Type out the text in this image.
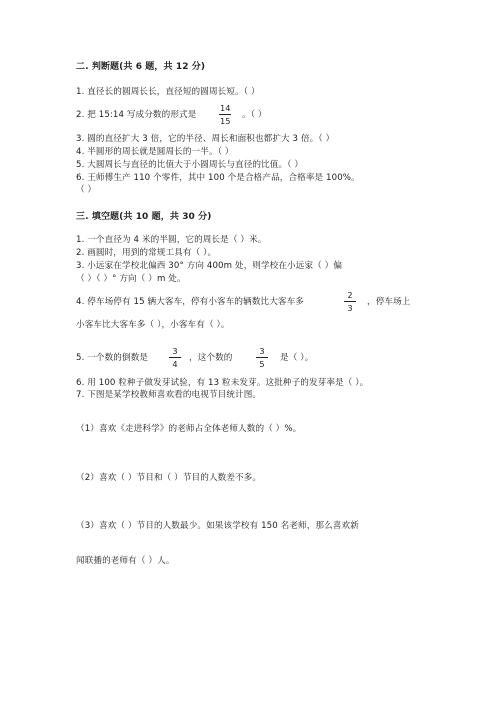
二. 判断题(共 6 题，共 12 分)
1. 直径长的圆周长长，直径短的圆周长短。（ ）
2. 把 15:14 写成分数的形式是
14
15
。（ ）
3. 圆的直径扩大 3 倍，它的半径、周长和面积也都扩大 3 倍。（ ）
4. 半圆形的周长就是圆周长的一半。（ ）
5. 大圆周长与直径的比值大于小圆周长与直径的比值。（ ）
6. 王师傅生产 110 个零件，其中 100 个是合格产品，合格率是 100%。
（ ）
三. 填空题(共 10 题，共 30 分)
1. 一个直径为 4 米的半圆，它的周长是（ ）米。
2. 画圆时，用到的常规工具有（ ）。
3. 小远家在学校北偏西 30° 方向 400m 处，则学校在小远家（ ）偏
（ ）（ ）° 方向（ ）m 处。
4. 停车场停有 15 辆大客车，停有小客车的辆数比大客车多
2
3
，停车场上
小客车比大客车多（ ），小客车有（ ）。
5. 一个数的倒数是
3
4
，这个数的
3
5
是（ ）。
6. 用 100 粒种子做发芽试验，有 13 粒未发芽。这批种子的发芽率是（ ）。
7. 下图是某学校教师喜欢看的电视节目统计图。
（1）喜欢《走进科学》的老师占全体老师人数的（ ）%。
（2）喜欢（ ）节目和（ ）节目的人数差不多。
（3）喜欢（ ）节目的人数最少。如果该学校有 150 名老师，那么喜欢新
闻联播的老师有（ ）人。
